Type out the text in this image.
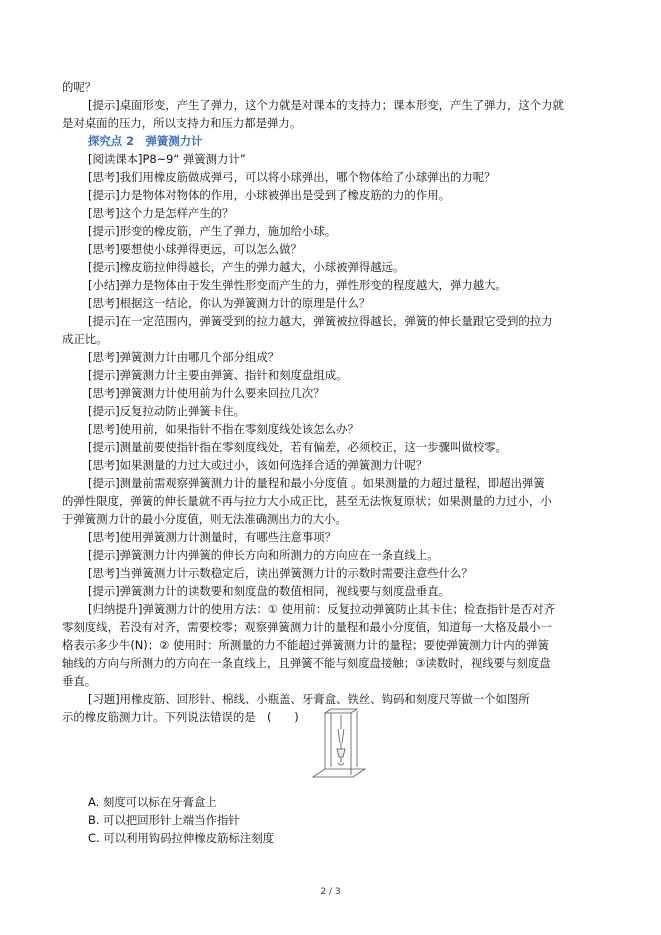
的呢？
[提示]桌面形变，产生了弹力，这个力就是对课本的支持力；课本形变，产生了弹力，这个力就
是对桌面的压力，所以支持力和压力都是弹力。
探究点 2　弹簧测力计
[阅读课本]P8~9“ 弹簧测力计”
[思考]我们用橡皮筋做成弹弓，可以将小球弹出，哪个物体给了小球弹出的力呢？
[提示]力是物体对物体的作用，小球被弹出是受到了橡皮筋的力的作用。
[思考]这个力是怎样产生的？
[提示]形变的橡皮筋，产生了弹力，施加给小球。
[思考]要想使小球弹得更远，可以怎么做？
[提示]橡皮筋拉伸得越长，产生的弹力越大，小球被弹得越远。
[小结]弹力是物体由于发生弹性形变而产生的力，弹性形变的程度越大，弹力越大。
[思考]根据这一结论，你认为弹簧测力计的原理是什么？
[提示]在一定范围内，弹簧受到的拉力越大，弹簧被拉得越长，弹簧的伸长量跟它受到的拉力
成正比。
[思考]弹簧测力计由哪几个部分组成？
[提示]弹簧测力计主要由弹簧、指针和刻度盘组成。
[思考]弹簧测力计使用前为什么要来回拉几次？
[提示]反复拉动防止弹簧卡住。
[思考]使用前，如果指针不指在零刻度线处该怎么办？
[提示]测量前要使指针指在零刻度线处，若有偏差，必须校正，这一步骤叫做校零。
[思考]如果测量的力过大或过小，该如何选择合适的弹簧测力计呢？
[提示]测量前需观察弹簧测力计的量程和最小分度值 。如果测量的力超过量程，即超出弹簧
的弹性限度，弹簧的伸长量就不再与拉力大小成正比，甚至无法恢复原状；如果测量的力过小，小
于弹簧测力计的最小分度值，则无法准确测出力的大小。
[思考]使用弹簧测力计测量时，有哪些注意事项？
[提示]弹簧测力计内弹簧的伸长方向和所测力的方向应在一条直线上。
[思考]当弹簧测力计示数稳定后，读出弹簧测力计的示数时需要注意些什么？
[提示]弹簧测力计的读数要和刻度盘的数值相同，视线要与刻度盘垂直。
[归纳提升]弹簧测力计的使用方法：① 使用前：反复拉动弹簧防止其卡住；检查指针是否对齐
零刻度线，若没有对齐，需要校零；观察弹簧测力计的量程和最小分度值，知道每一大格及最小一
格表示多少牛(N)；② 使用时：所测量的力不能超过弹簧测力计的量程；要使弹簧测力计内的弹簧
轴线的方向与所测力的方向在一条直线上，且弹簧不能与刻度盘接触；③读数时，视线要与刻度盘
垂直。
[习题]用橡皮筋、回形针、棉线、小瓶盖、牙膏盒、铁丝、钩码和刻度尺等做一个如图所
示的橡皮筋测力计。下列说法错误的是　(　　)
A. 刻度可以标在牙膏盒上
B. 可以把回形针上端当作指针
C. 可以利用钩码拉伸橡皮筋标注刻度
2 / 3
